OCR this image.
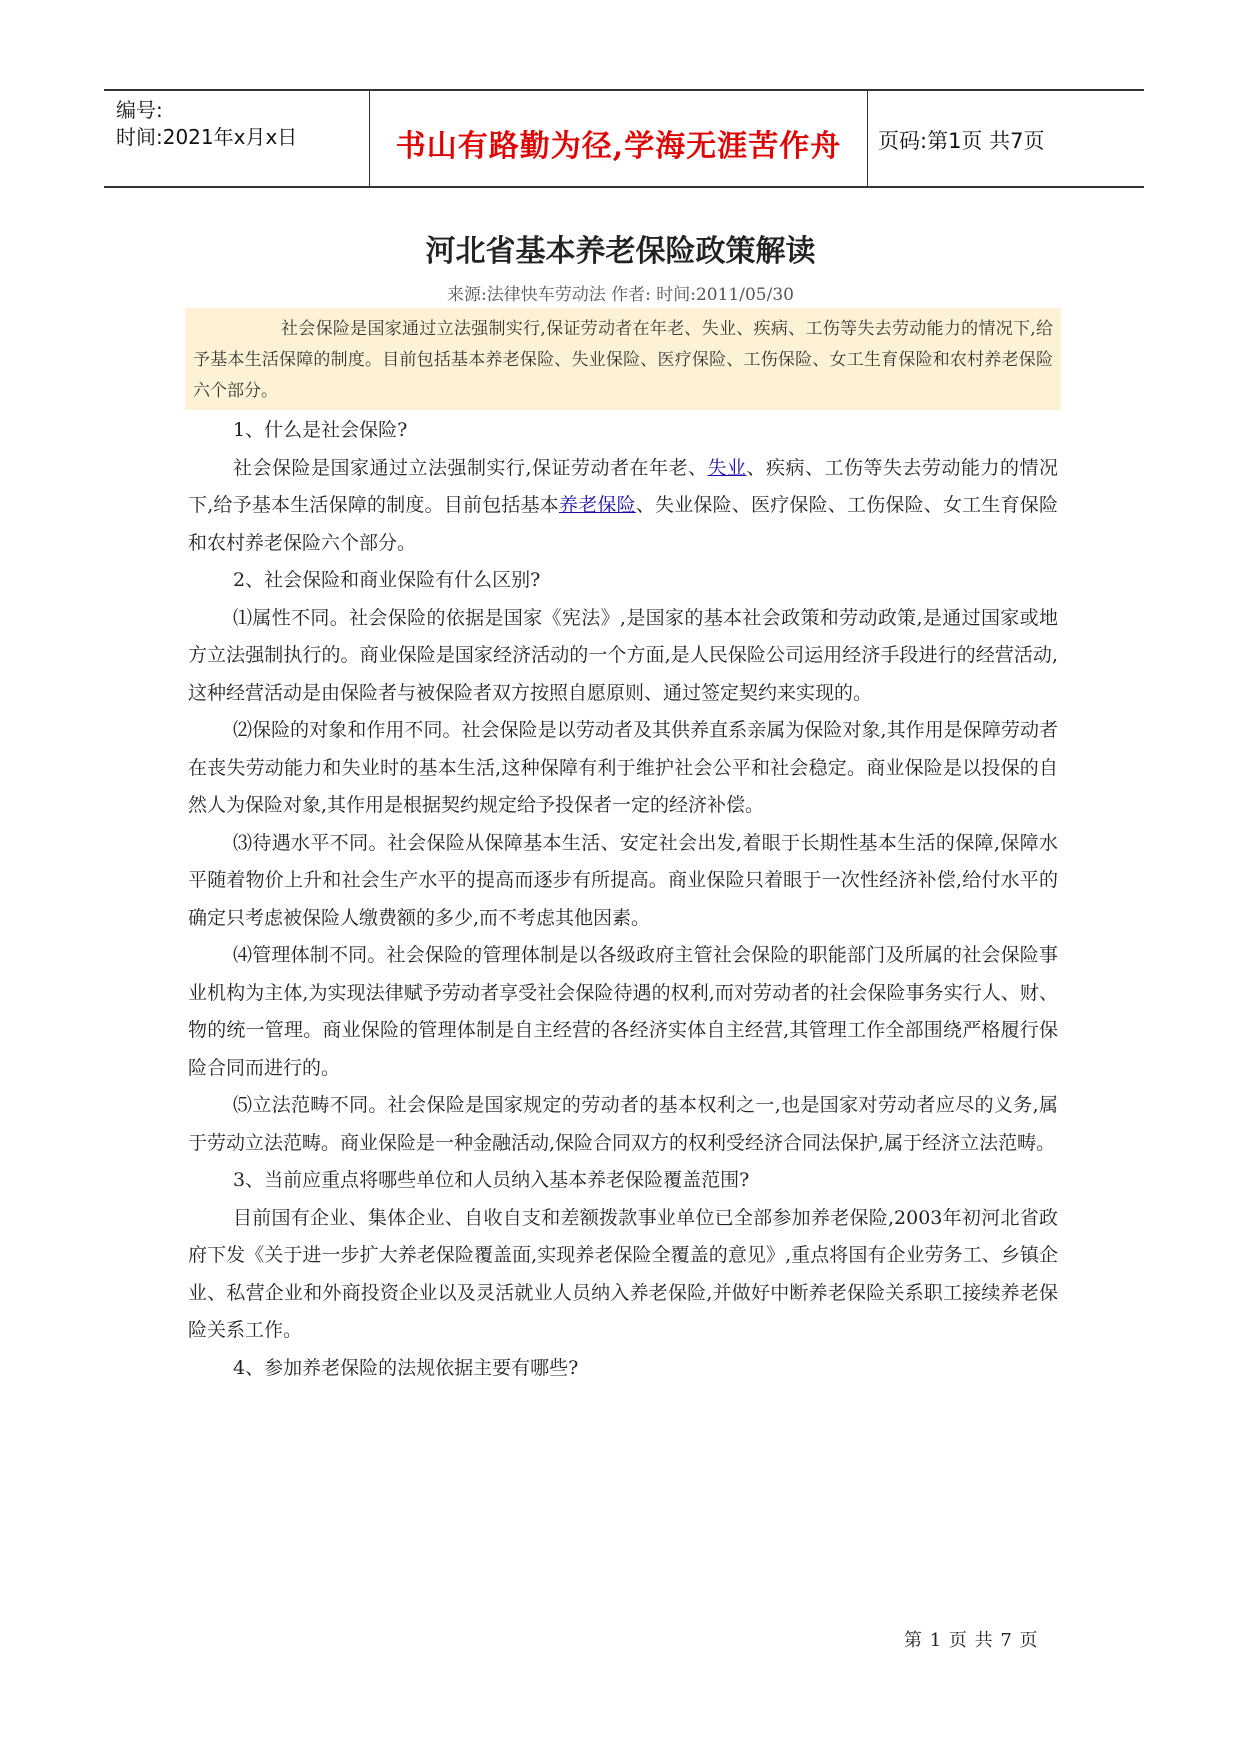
编号:
时间:2021年x月x日	书山有路勤为径,学海无涯苦作舟	页码:第1页 共7页
河北省基本养老保险政策解读
来源:法律快车劳动法 作者: 时间:2011/05/30
社会保险是国家通过立法强制实行,保证劳动者在年老、失业、疾病、工伤等失去劳动能力的情况下,给予基本生活保障的制度。目前包括基本养老保险、失业保险、医疗保险、工伤保险、女工生育保险和农村养老保险六个部分。

1、什么是社会保险?

社会保险是国家通过立法强制实行,保证劳动者在年老、失业、疾病、工伤等失去劳动能力的情况下,给予基本生活保障的制度。目前包括基本养老保险、失业保险、医疗保险、工伤保险、女工生育保险和农村养老保险六个部分。

2、社会保险和商业保险有什么区别?

⑴属性不同。社会保险的依据是国家《宪法》,是国家的基本社会政策和劳动政策,是通过国家或地方立法强制执行的。商业保险是国家经济活动的一个方面,是人民保险公司运用经济手段进行的经营活动,这种经营活动是由保险者与被保险者双方按照自愿原则、通过签定契约来实现的。

⑵保险的对象和作用不同。社会保险是以劳动者及其供养直系亲属为保险对象,其作用是保障劳动者在丧失劳动能力和失业时的基本生活,这种保障有利于维护社会公平和社会稳定。商业保险是以投保的自然人为保险对象,其作用是根据契约规定给予投保者一定的经济补偿。

⑶待遇水平不同。社会保险从保障基本生活、安定社会出发,着眼于长期性基本生活的保障,保障水平随着物价上升和社会生产水平的提高而逐步有所提高。商业保险只着眼于一次性经济补偿,给付水平的确定只考虑被保险人缴费额的多少,而不考虑其他因素。

⑷管理体制不同。社会保险的管理体制是以各级政府主管社会保险的职能部门及所属的社会保险事业机构为主体,为实现法律赋予劳动者享受社会保险待遇的权利,而对劳动者的社会保险事务实行人、财、物的统一管理。商业保险的管理体制是自主经营的各经济实体自主经营,其管理工作全部围绕严格履行保险合同而进行的。

⑸立法范畴不同。社会保险是国家规定的劳动者的基本权利之一,也是国家对劳动者应尽的义务,属于劳动立法范畴。商业保险是一种金融活动,保险合同双方的权利受经济合同法保护,属于经济立法范畴。

3、当前应重点将哪些单位和人员纳入基本养老保险覆盖范围?

目前国有企业、集体企业、自收自支和差额拨款事业单位已全部参加养老保险,2003年初河北省政府下发《关于进一步扩大养老保险覆盖面,实现养老保险全覆盖的意见》,重点将国有企业劳务工、乡镇企业、私营企业和外商投资企业以及灵活就业人员纳入养老保险,并做好中断养老保险关系职工接续养老保险关系工作。

4、参加养老保险的法规依据主要有哪些?

第 1 页 共 7 页
